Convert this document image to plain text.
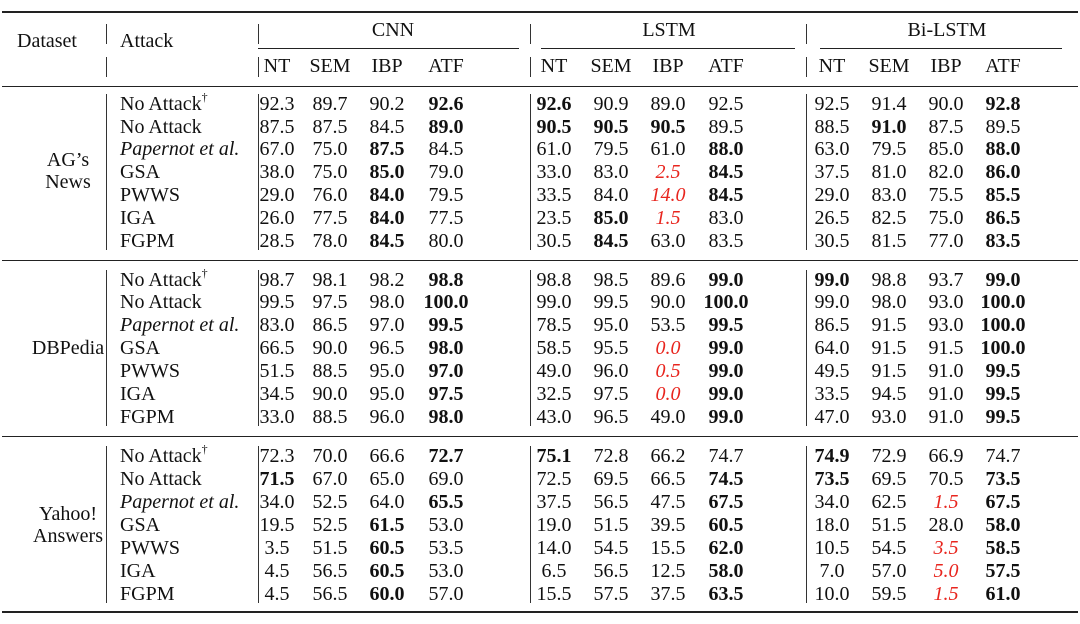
Dataset Attack	CNN	LSTM	Bi-LSTM
NT SEM IBP ATF	NT SEM IBP ATF	NT SEM IBP ATF
AG’s
News
No Attack†	92.3 89.7 90.2 92.6	92.6 90.9 89.0 92.5	92.5 91.4 90.0 92.8
No Attack	87.5 87.5 84.5 89.0	90.5 90.5 90.5 89.5	88.5 91.0 87.5 89.5
Papernot et al. 67.0 75.0 87.5 84.5	61.0 79.5 61.0 88.0	63.0 79.5 85.0 88.0
GSA	38.0 75.0 85.0 79.0	33.0 83.0 2.5 84.5	37.5 81.0 82.0 86.0
PWWS	29.0 76.0 84.0 79.5	33.5 84.0 14.0 84.5	29.0 83.0 75.5 85.5
IGA	26.0 77.5 84.0 77.5	23.5 85.0 1.5 83.0	26.5 82.5 75.0 86.5
FGPM	28.5 78.0 84.5 80.0	30.5 84.5 63.0 83.5	30.5 81.5 77.0 83.5
DBPedia
No Attack†	98.7 98.1 98.2 98.8	98.8 98.5 89.6 99.0	99.0 98.8 93.7 99.0
No Attack	99.5 97.5 98.0 100.0	99.0 99.5 90.0 100.0	99.0 98.0 93.0 100.0
Papernot et al. 83.0 86.5 97.0 99.5	78.5 95.0 53.5 99.5	86.5 91.5 93.0 100.0
GSA	66.5 90.0 96.5 98.0	58.5 95.5 0.0 99.0	64.0 91.5 91.5 100.0
PWWS	51.5 88.5 95.0 97.0	49.0 96.0 0.5 99.0	49.5 91.5 91.0 99.5
IGA	34.5 90.0 95.0 97.5	32.5 97.5 0.0 99.0	33.5 94.5 91.0 99.5
FGPM	33.0 88.5 96.0 98.0	43.0 96.5 49.0 99.0	47.0 93.0 91.0 99.5
Yahoo!
Answers
No Attack†	72.3 70.0 66.6 72.7	75.1 72.8 66.2 74.7	74.9 72.9 66.9 74.7
No Attack	71.5 67.0 65.0 69.0	72.5 69.5 66.5 74.5	73.5 69.5 70.5 73.5
Papernot et al. 34.0 52.5 64.0 65.5	37.5 56.5 47.5 67.5	34.0 62.5 1.5 67.5
GSA	19.5 52.5 61.5 53.0	19.0 51.5 39.5 60.5	18.0 51.5 28.0 58.0
PWWS	3.5 51.5 60.5 53.5	14.0 54.5 15.5 62.0	10.5 54.5 3.5 58.5
IGA	4.5 56.5 60.5 53.0	6.5 56.5 12.5 58.0	7.0 57.0 5.0 57.5
FGPM	4.5 56.5 60.0 57.0	15.5 57.5 37.5 63.5	10.0 59.5 1.5 61.0
